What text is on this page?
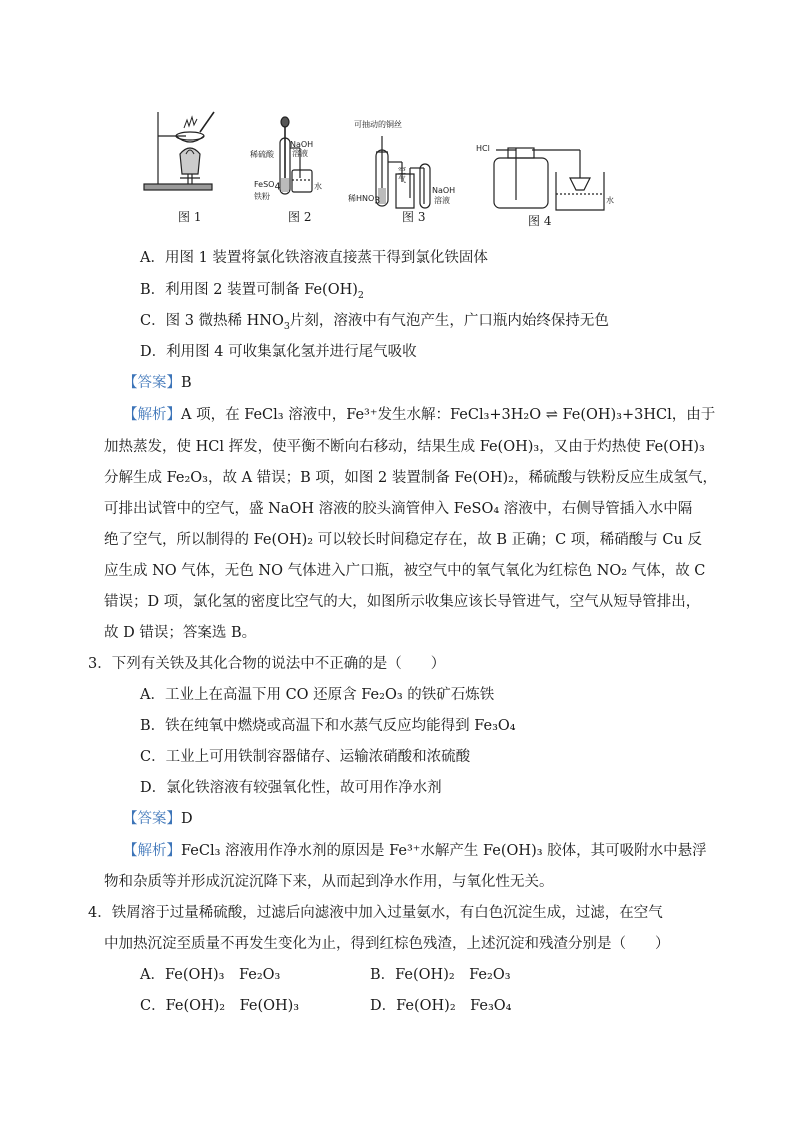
稀硫酸
NaOH
溶液
FeSO$_4$
铁粉
水
可抽动的铜丝
稀$HNO_3$
空气
NaOH
溶液
HCl
水
图 1	图 2	图 3	图 4
A．用图 1 装置将氯化铁溶液直接蒸干得到氯化铁固体
B．利用图 2 装置可制备 $Fe(OH)_2$
C．图 3 微热稀 $HNO_3$片刻，溶液中有气泡产生，广口瓶内始终保持无色
D．利用图 4 可收集氯化氢并进行尾气吸收
【答案】B
【解析】A 项，在 FeCl₃ 溶液中，Fe³⁺发生水解：FeCl₃+3H₂O ⇌ Fe(OH)₃+3HCl，由于
加热蒸发，使 HCl 挥发，使平衡不断向右移动，结果生成 Fe(OH)₃，又由于灼热使 Fe(OH)₃
分解生成 Fe₂O₃，故 A 错误；B 项，如图 2 装置制备 Fe(OH)₂，稀硫酸与铁粉反应生成氢气，
可排出试管中的空气，盛 NaOH 溶液的胶头滴管伸入 FeSO₄ 溶液中，右侧导管插入水中隔
绝了空气，所以制得的 Fe(OH)₂ 可以较长时间稳定存在，故 B 正确；C 项，稀硝酸与 Cu 反
应生成 NO 气体，无色 NO 气体进入广口瓶，被空气中的氧气氧化为红棕色 NO₂ 气体，故 C
错误；D 项，氯化氢的密度比空气的大，如图所示收集应该长导管进气，空气从短导管排出，
故 D 错误；答案选 B。
3．下列有关铁及其化合物的说法中不正确的是（　　）
A．工业上在高温下用 CO 还原含 Fe₂O₃ 的铁矿石炼铁
B．铁在纯氧中燃烧或高温下和水蒸气反应均能得到 Fe₃O₄
C．工业上可用铁制容器储存、运输浓硝酸和浓硫酸
D．氯化铁溶液有较强氧化性，故可用作净水剂
【答案】D
【解析】FeCl₃ 溶液用作净水剂的原因是 Fe³⁺水解产生 Fe(OH)₃ 胶体，其可吸附水中悬浮
物和杂质等并形成沉淀沉降下来，从而起到净水作用，与氧化性无关。
4．铁屑溶于过量稀硫酸，过滤后向滤液中加入过量氨水，有白色沉淀生成，过滤，在空气
中加热沉淀至质量不再发生变化为止，得到红棕色残渣，上述沉淀和残渣分别是（　　）
A．Fe(OH)₃　Fe₂O₃	B．Fe(OH)₂　Fe₂O₃
C．Fe(OH)₂　Fe(OH)₃	D．Fe(OH)₂　Fe₃O₄
